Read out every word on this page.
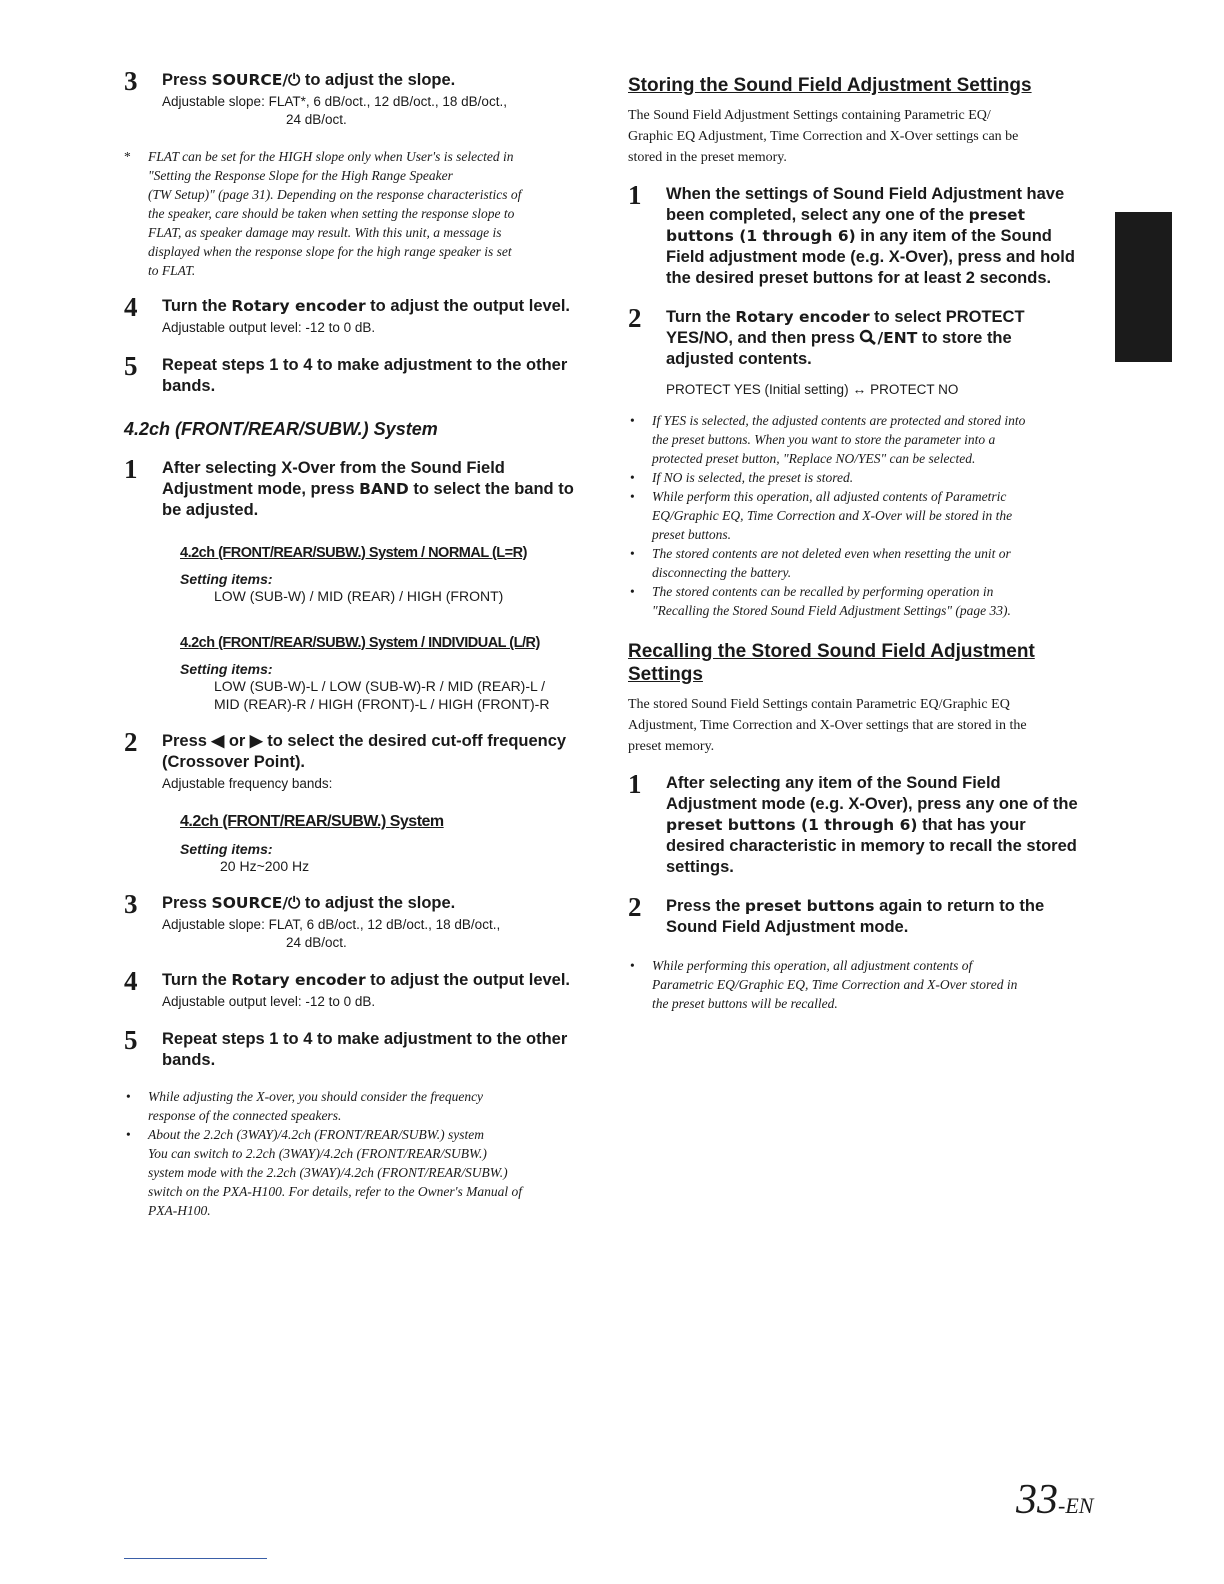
3 Press SOURCE/⏻ to adjust the slope.
Adjustable slope: FLAT*, 6 dB/oct., 12 dB/oct., 18 dB/oct.,
24 dB/oct.
* FLAT can be set for the HIGH slope only when User's is selected in
"Setting the Response Slope for the High Range Speaker
(TW Setup)" (page 31). Depending on the response characteristics of
the speaker, care should be taken when setting the response slope to
FLAT, as speaker damage may result. With this unit, a message is
displayed when the response slope for the high range speaker is set
to FLAT.
4 Turn the Rotary encoder to adjust the output level.
Adjustable output level: -12 to 0 dB.
5 Repeat steps 1 to 4 to make adjustment to the other
bands.
4.2ch (FRONT/REAR/SUBW.) System
1 After selecting X-Over from the Sound Field
Adjustment mode, press BAND to select the band to
be adjusted.
4.2ch (FRONT/REAR/SUBW.) System / NORMAL (L=R)
Setting items:
LOW (SUB-W) / MID (REAR) / HIGH (FRONT)
4.2ch (FRONT/REAR/SUBW.) System / INDIVIDUAL (L/R)
Setting items:
LOW (SUB-W)-L / LOW (SUB-W)-R / MID (REAR)-L /
MID (REAR)-R / HIGH (FRONT)-L / HIGH (FRONT)-R
2 Press ◀ or ▶ to select the desired cut-off frequency
(Crossover Point).
Adjustable frequency bands:
4.2ch (FRONT/REAR/SUBW.) System
Setting items:
20 Hz~200 Hz
3 Press SOURCE/⏻ to adjust the slope.
Adjustable slope: FLAT, 6 dB/oct., 12 dB/oct., 18 dB/oct.,
24 dB/oct.
4 Turn the Rotary encoder to adjust the output level.
Adjustable output level: -12 to 0 dB.
5 Repeat steps 1 to 4 to make adjustment to the other
bands.
• While adjusting the X-over, you should consider the frequency
response of the connected speakers.
• About the 2.2ch (3WAY)/4.2ch (FRONT/REAR/SUBW.) system
You can switch to 2.2ch (3WAY)/4.2ch (FRONT/REAR/SUBW.)
system mode with the 2.2ch (3WAY)/4.2ch (FRONT/REAR/SUBW.)
switch on the PXA-H100. For details, refer to the Owner's Manual of
PXA-H100.
Storing the Sound Field Adjustment Settings
The Sound Field Adjustment Settings containing Parametric EQ/
Graphic EQ Adjustment, Time Correction and X-Over settings can be
stored in the preset memory.
1 When the settings of Sound Field Adjustment have
been completed, select any one of the preset
buttons (1 through 6) in any item of the Sound
Field adjustment mode (e.g. X-Over), press and hold
the desired preset buttons for at least 2 seconds.
2 Turn the Rotary encoder to select PROTECT
YES/NO, and then press /ENT to store the
adjusted contents.
PROTECT YES (Initial setting) ↔ PROTECT NO
• If YES is selected, the adjusted contents are protected and stored into
the preset buttons. When you want to store the parameter into a
protected preset button, "Replace NO/YES" can be selected.
• If NO is selected, the preset is stored.
• While perform this operation, all adjusted contents of Parametric
EQ/Graphic EQ, Time Correction and X-Over will be stored in the
preset buttons.
• The stored contents are not deleted even when resetting the unit or
disconnecting the battery.
• The stored contents can be recalled by performing operation in
"Recalling the Stored Sound Field Adjustment Settings" (page 33).
Recalling the Stored Sound Field Adjustment
Settings
The stored Sound Field Settings contain Parametric EQ/Graphic EQ
Adjustment, Time Correction and X-Over settings that are stored in the
preset memory.
1 After selecting any item of the Sound Field
Adjustment mode (e.g. X-Over), press any one of the
preset buttons (1 through 6) that has your
desired characteristic in memory to recall the stored
settings.
2 Press the preset buttons again to return to the
Sound Field Adjustment mode.
• While performing this operation, all adjustment contents of
Parametric EQ/Graphic EQ, Time Correction and X-Over stored in
the preset buttons will be recalled.
33-EN
